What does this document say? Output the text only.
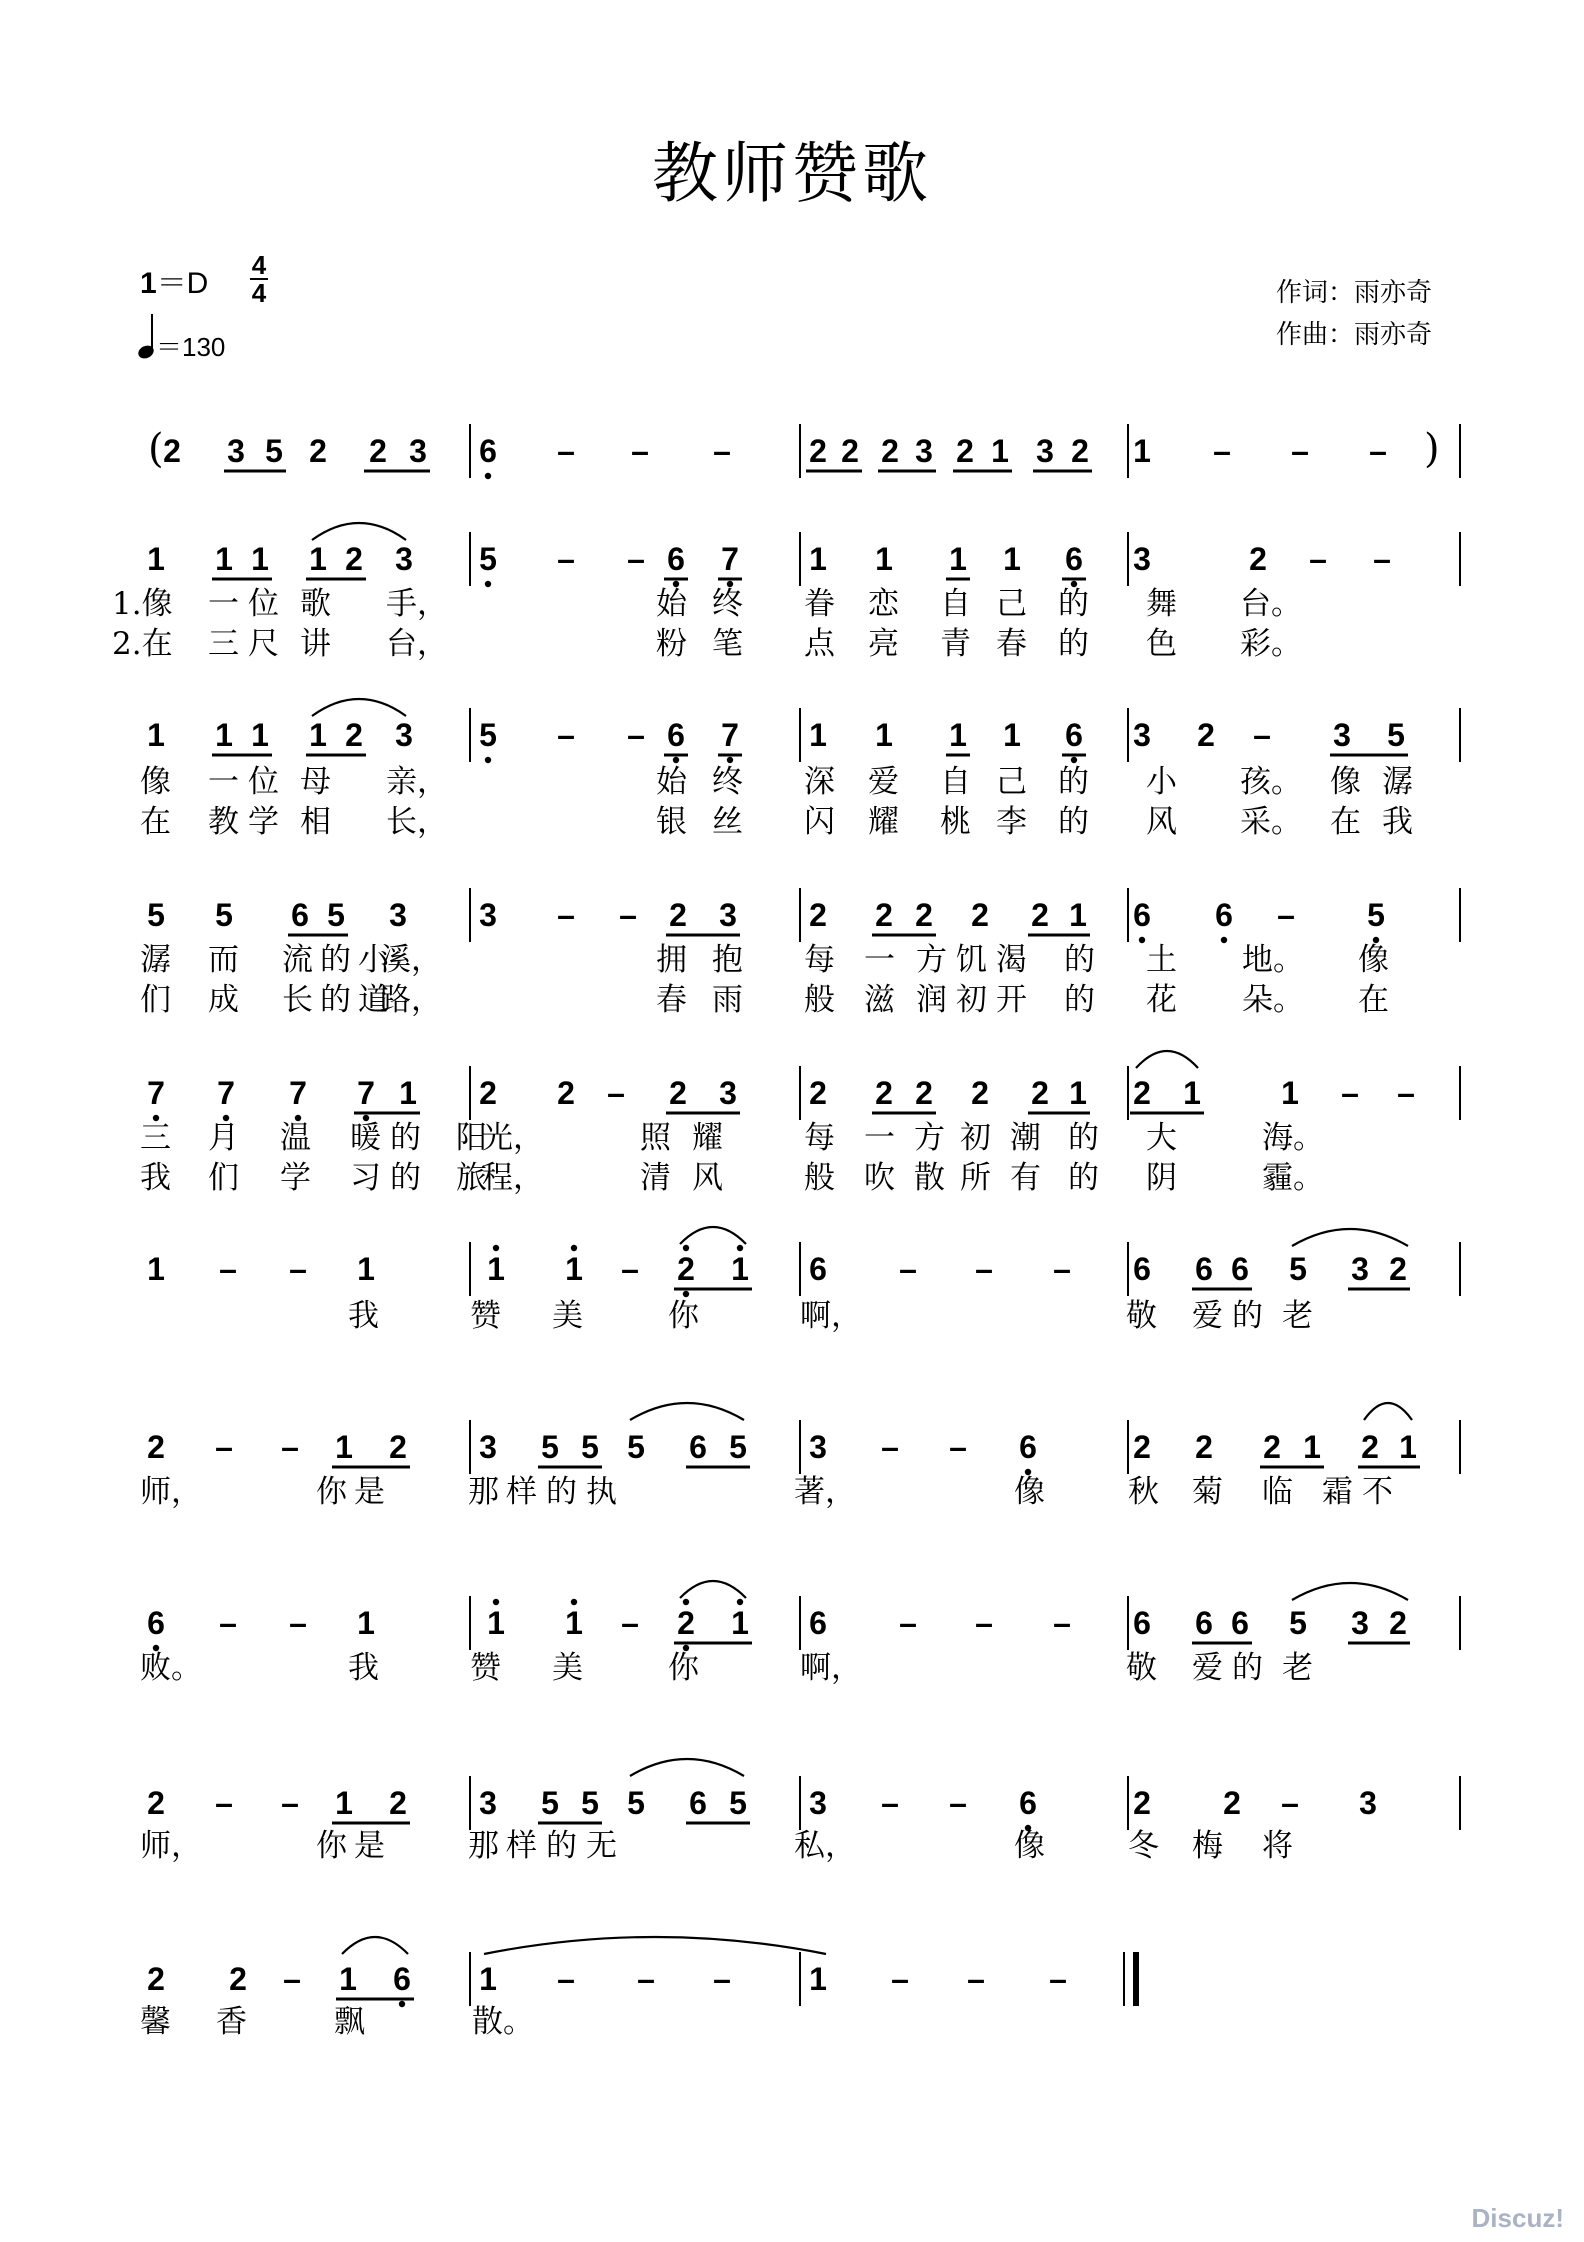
教师赞歌
1＝D
4
4
＝130
作词：雨亦奇
作曲：雨亦奇
2 3 5 2 2 3 6 – – – 2 2 2 3 2 1 3 2 1 – – –
(	)
1 1 1 1 2 3 5 – – 6 7 1 1 1 1 6 3	2 – –
1 1 1 1 2 3 5 – – 6 7 1 1 1 1 6 3 2 – 3 5
5 5 6 5 3 3 – – 2 3 2 2 2 2 2 1 6 6 – 5
7 7 7 7 1 2 2 – 2 3 2 2 2 2 2 1 2 1	1 – –
1 – – 1	1 1 – 2 1 6 – – – 6 6 6 5 3 2
2 – – 1 2 3 5 5 5 6 5 3 – – 6	2 2 2 1 2 1
6 – – 1	1 1 – 2 1 6 – – – 6 6 6 5 3 2
2 – – 1 2 3 5 5 5 6 5 3 – – 6	2 2 – 3
2 2 – 1 6 1 – – – 1 – – –
1.像 一 位 歌 手，	始 终 眷 恋 自 己 的 舞 台。
2.在 三 尺 讲 台，	粉 笔 点 亮 青 春 的 色 彩。
像 一 位 母 亲，	始 终 深 爱 自 己 的 小 孩。 像 潺
在 教 学 相 长，	银 丝 闪 耀 桃 李 的 风 采。 在 我
潺 而 流 的 小
溪，	拥 抱 每 一 方 饥 渴 的 土 地。 像
们 成 长 的 道
路，	春 雨 般 滋 润 初 开 的 花 朵。 在
三 月 温 暖 的 阳
光，	照 耀	每 一 方 初 潮 的 大	海。
我 们 学 习 的 旅
程，	清 风	般 吹 散 所 有 的 阴	霾。
我	赞 美	你	啊，	敬 爱 的 老
师，	你 是	那 样 的 执	著，	像	秋 菊 临 霜 不
败。	我	赞 美	你	啊，	敬 爱 的 老
师，	你 是	那 样 的 无	私，	像	冬 梅 将
馨 香	飘	散。
Discuz!
